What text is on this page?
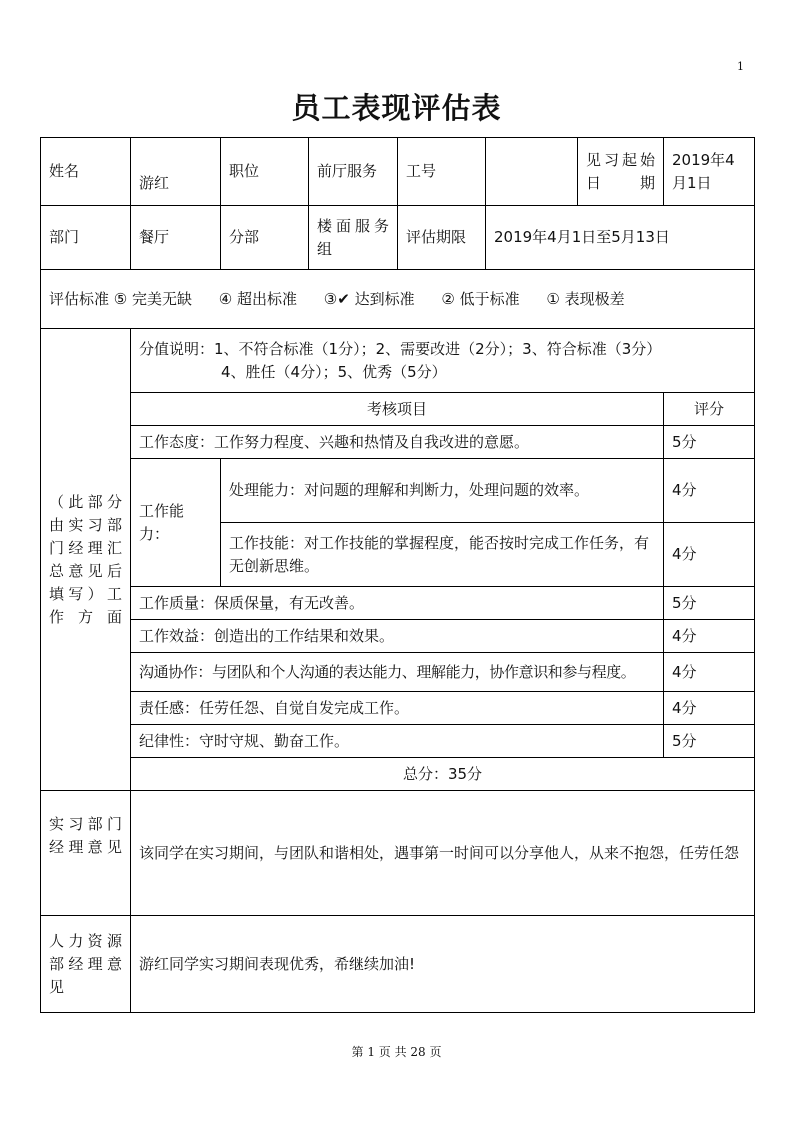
1
员工表现评估表
姓名	游红	职位	前厅服务	工号		见习起始日期	2019年4月1日
部门	餐厅	分部	楼面服务组	评估期限	2019年4月1日至5月13日		
评估标准 ⑤ 完美无缺 ④ 超出标准 ③✔ 达到标准 ② 低于标准 ① 表现极差							
（此部分由实习部门经理汇总意见后填写）工作方面	分值说明：1、不符合标准（1分）；2、需要改进（2分）；3、符合标准（3分）
4、胜任（4分）；5、优秀（5分）						

	考核项目						评分
	工作态度：工作努力程度、兴趣和热情及自我改进的意愿。						5分
	工作能力：	处理能力：对问题的理解和判断力，处理问题的效率。					4分
		工作技能：对工作技能的掌握程度，能否按时完成工作任务，有无创新思维。					4分
	工作质量：保质保量，有无改善。						5分
	工作效益：创造出的工作结果和效果。						4分
	沟通协作：与团队和个人沟通的表达能力、理解能力，协作意识和参与程度。						4分
	责任感：任劳任怨、自觉自发完成工作。						4分
	纪律性：守时守规、勤奋工作。						5分
	总分：35分						
实习部门经理意见	该同学在实习期间，与团队和谐相处，遇事第一时间可以分享他人，从来不抱怨，任劳任怨						
人力资源部经理意见	游红同学实习期间表现优秀，希继续加油!						
第 1 页 共 28 页
